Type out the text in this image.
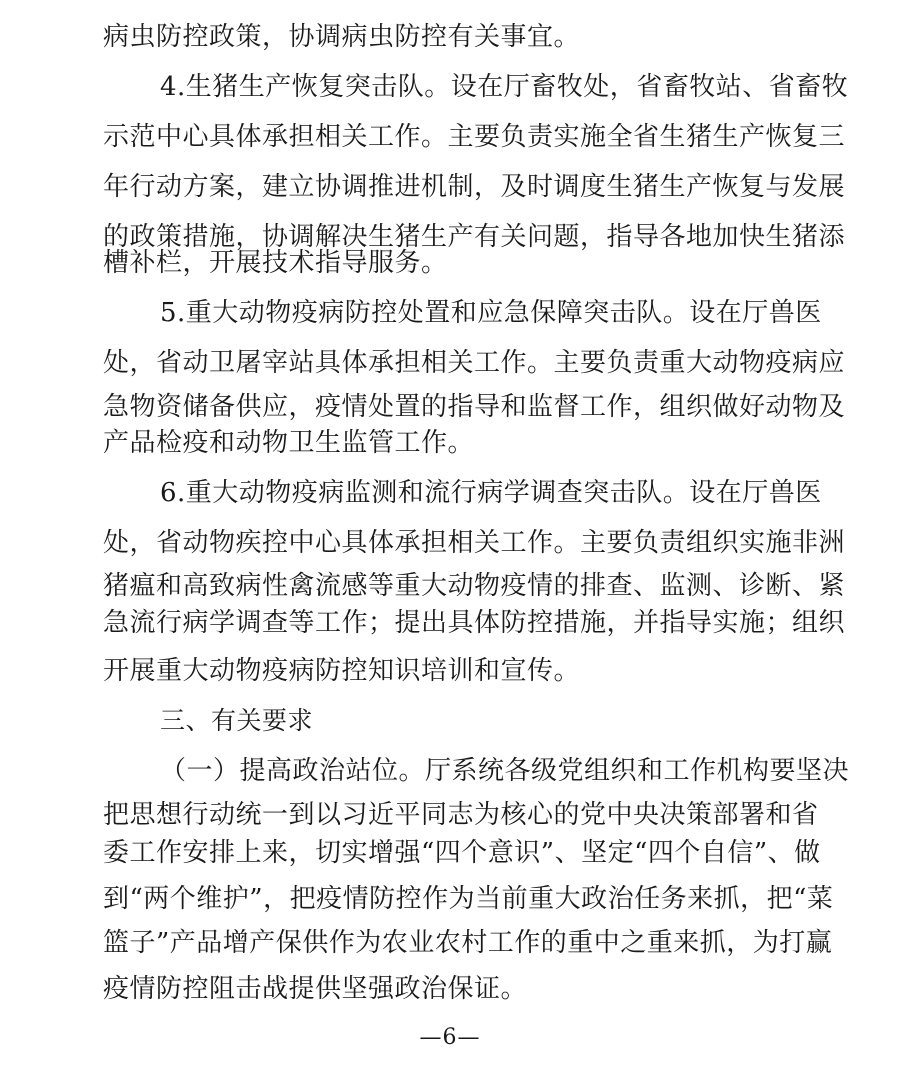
病虫防控政策，协调病虫防控有关事宜。
4.生猪生产恢复突击队。设在厅畜牧处，省畜牧站、省畜牧
示范中心具体承担相关工作。主要负责实施全省生猪生产恢复三
年行动方案，建立协调推进机制，及时调度生猪生产恢复与发展
的政策措施，协调解决生猪生产有关问题，指导各地加快生猪添
槽补栏，开展技术指导服务。
5.重大动物疫病防控处置和应急保障突击队。设在厅兽医
处，省动卫屠宰站具体承担相关工作。主要负责重大动物疫病应
急物资储备供应，疫情处置的指导和监督工作，组织做好动物及
产品检疫和动物卫生监管工作。
6.重大动物疫病监测和流行病学调查突击队。设在厅兽医
处，省动物疾控中心具体承担相关工作。主要负责组织实施非洲
猪瘟和高致病性禽流感等重大动物疫情的排查、监测、诊断、紧
急流行病学调查等工作；提出具体防控措施，并指导实施；组织
开展重大动物疫病防控知识培训和宣传。
三、有关要求
（一）提高政治站位。厅系统各级党组织和工作机构要坚决
把思想行动统一到以习近平同志为核心的党中央决策部署和省
委工作安排上来，切实增强“四个意识”、坚定“四个自信”、做
到“两个维护”，把疫情防控作为当前重大政治任务来抓，把“菜
篮子”产品增产保供作为农业农村工作的重中之重来抓，为打赢
疫情防控阻击战提供坚强政治保证。
—6—
